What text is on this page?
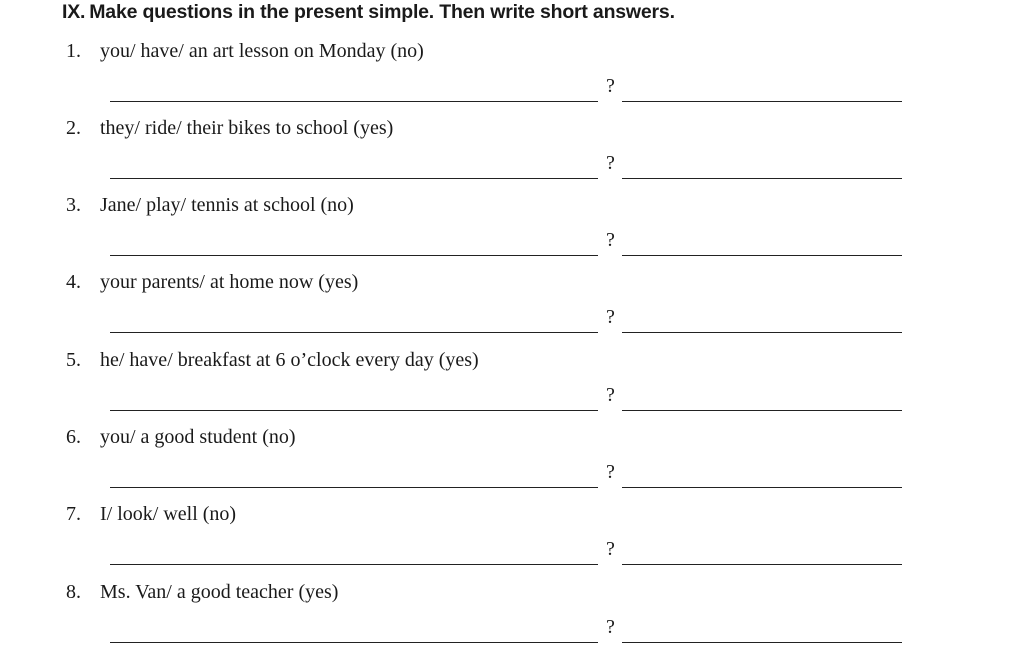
IX. Make questions in the present simple. Then write short answers.
1. you/ have/ an art lesson on Monday (no)
?
2. they/ ride/ their bikes to school (yes)
?
3. Jane/ play/ tennis at school (no)
?
4. your parents/ at home now (yes)
?
5. he/ have/ breakfast at 6 o’clock every day (yes)
?
6. you/ a good student (no)
?
7. I/ look/ well (no)
?
8. Ms. Van/ a good teacher (yes)
?
